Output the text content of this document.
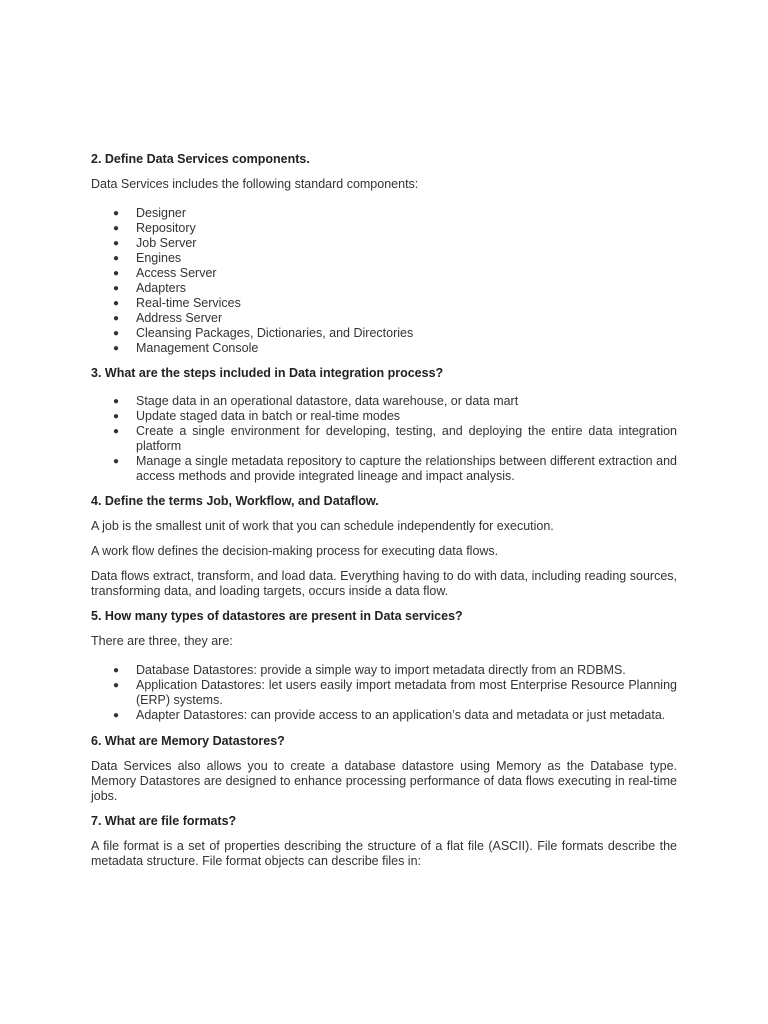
2. Define Data Services components.

Data Services includes the following standard components:

● Designer
● Repository
● Job Server
● Engines
● Access Server
● Adapters
● Real-time Services
● Address Server
● Cleansing Packages, Dictionaries, and Directories
● Management Console
3. What are the steps included in Data integration process?
● Stage data in an operational datastore, data warehouse, or data mart
● Update staged data in batch or real-time modes
● Create a single environment for developing, testing, and deploying the entire data integration platform
● Manage a single metadata repository to capture the relationships between different extraction and access methods and provide integrated lineage and impact analysis.
4. Define the terms Job, Workflow, and Dataflow.

A job is the smallest unit of work that you can schedule independently for execution.

A work flow defines the decision-making process for executing data flows.

Data flows extract, transform, and load data. Everything having to do with data, including reading sources, transforming data, and loading targets, occurs inside a data flow.

5. How many types of datastores are present in Data services?

There are three, they are:

● Database Datastores: provide a simple way to import metadata directly from an RDBMS.
● Application Datastores: let users easily import metadata from most Enterprise Resource Planning (ERP) systems.
● Adapter Datastores: can provide access to an application’s data and metadata or just metadata.
6. What are Memory Datastores?

Data Services also allows you to create a database datastore using Memory as the Database type. Memory Datastores are designed to enhance processing performance of data flows executing in real-time jobs.

7. What are file formats?

A file format is a set of properties describing the structure of a flat file (ASCII). File formats describe the metadata structure. File format objects can describe files in:
